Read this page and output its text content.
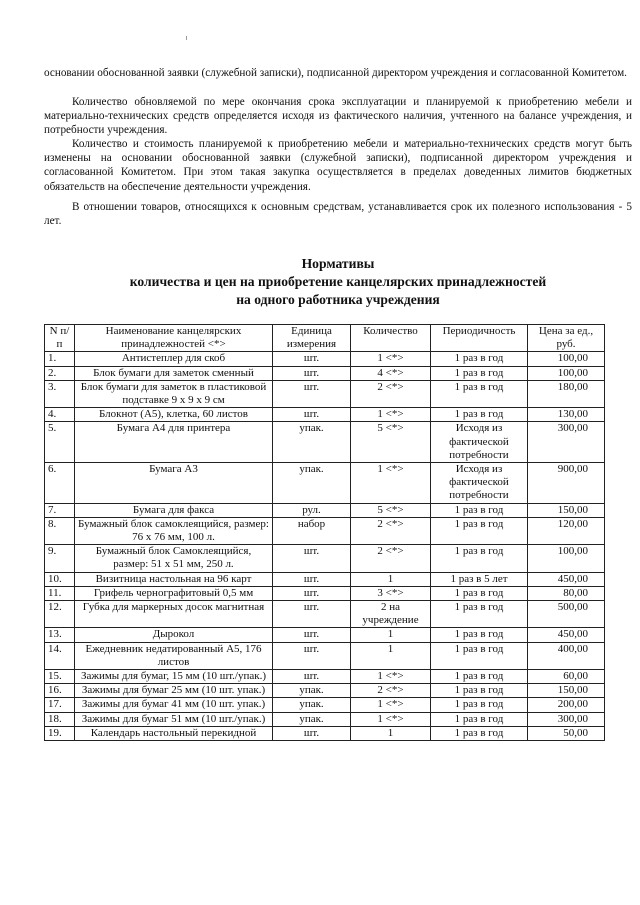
основании обоснованной заявки (служебной записки), подписанной директором учреждения и согласованной Комитетом.

Количество обновляемой по мере окончания срока эксплуатации и планируемой к приобретению мебели и материально-технических средств определяется исходя из фактического наличия, учтенного на балансе учреждения, и потребности учреждения.

Количество и стоимость планируемой к приобретению мебели и материально-технических средств могут быть изменены на основании обоснованной заявки (служебной записки), подписанной директором учреждения и согласованной Комитетом. При этом такая закупка осуществляется в пределах доведенных лимитов бюджетных обязательств на обеспечение деятельности учреждения.

В отношении товаров, относящихся к основным средствам, устанавливается срок их полезного использования - 5 лет.

Нормативы

количества и цен на приобретение канцелярских принадлежностей

на одного работника учреждения

N п/п	Наименование канцелярских принадлежностей <*>	Единица измерения	Количество	Периодичность	Цена за ед., руб.
1.	Антистеплер для скоб	шт.	1 <*>	1 раз в год	100,00
2.	Блок бумаги для заметок сменный	шт.	4 <*>	1 раз в год	100,00
3.	Блок бумаги для заметок в пластиковой подставке 9 x 9 x 9 см	шт.	2 <*>	1 раз в год	180,00
4.	Блокнот (А5), клетка, 60 листов	шт.	1 <*>	1 раз в год	130,00
5.	Бумага А4 для принтера	упак.	5 <*>	Исходя из фактической потребности	300,00
6.	Бумага А3	упак.	1 <*>	Исходя из фактической потребности	900,00
7.	Бумага для факса	рул.	5 <*>	1 раз в год	150,00
8.	Бумажный блок самоклеящийся, размер: 76 x 76 мм, 100 л.	набор	2 <*>	1 раз в год	120,00
9.	Бумажный блок Самоклеящийся, размер: 51 x 51 мм, 250 л.	шт.	2 <*>	1 раз в год	100,00
10.	Визитница настольная на 96 карт	шт.	1	1 раз в 5 лет	450,00
11.	Грифель чернографитовый 0,5 мм	шт.	3 <*>	1 раз в год	80,00
12.	Губка для маркерных досок магнитная	шт.	2 на учреждение	1 раз в год	500,00
13.	Дырокол	шт.	1	1 раз в год	450,00
14.	Ежедневник недатированный А5, 176 листов	шт.	1	1 раз в год	400,00
15.	Зажимы для бумаг, 15 мм (10 шт./упак.)	шт.	1 <*>	1 раз в год	60,00
16.	Зажимы для бумаг 25 мм (10 шт. упак.)	упак.	2 <*>	1 раз в год	150,00
17.	Зажимы для бумаг 41 мм (10 шт. упак.)	упак.	1 <*>	1 раз в год	200,00
18.	Зажимы для бумаг 51 мм (10 шт./упак.)	упак.	1 <*>	1 раз в год	300,00
19.	Календарь настольный перекидной	шт.	1	1 раз в год	50,00
